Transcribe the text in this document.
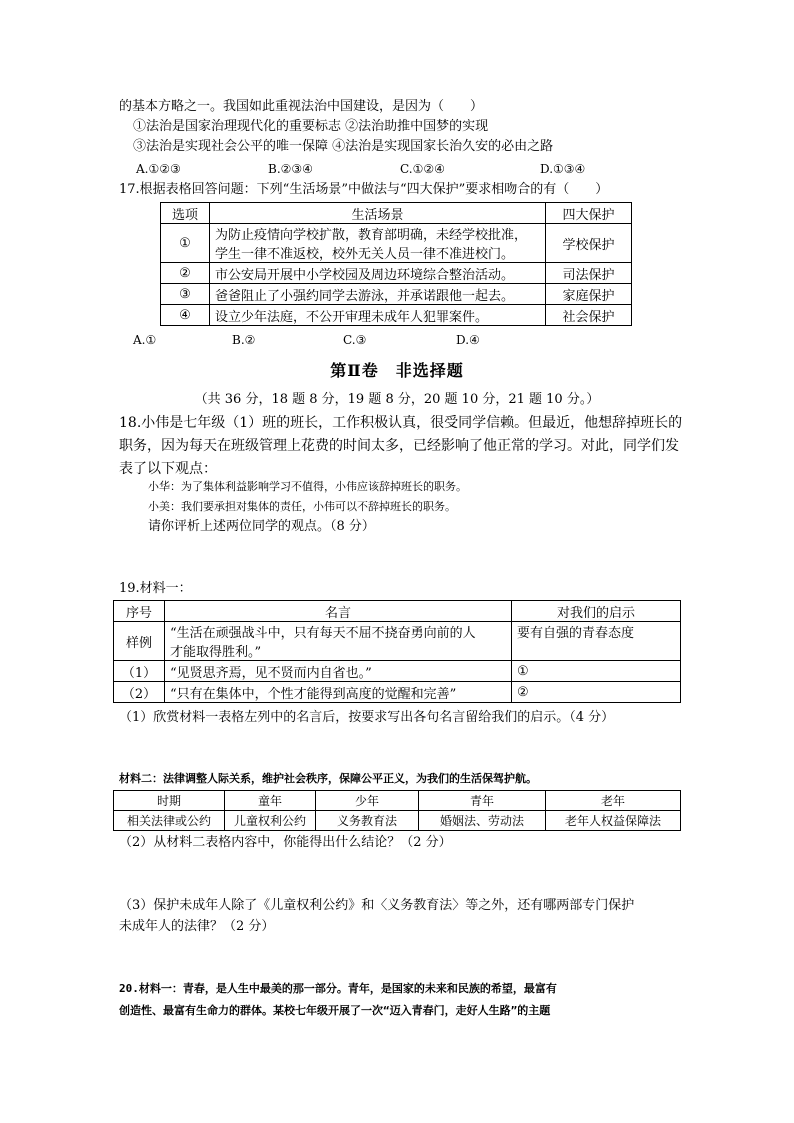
的基本方略之一。我国如此重视法治中国建设，是因为（　　）
①法治是国家治理现代化的重要标志 ②法治助推中国梦的实现
③法治是实现社会公平的唯一保障 ④法治是实现国家长治久安的必由之路
A.①②③	B.②③④	C.①②④	D.①③④
17.根据表格回答问题：下列“生活场景”中做法与“四大保护”要求相吻合的有（　　）
选项	生活场景	四大保护
①	为防止疫情向学校扩散，教育部明确，未经学校批准，
学生一律不准返校，校外无关人员一律不准进校门。	学校保护
②	市公安局开展中小学校园及周边环境综合整治活动。	司法保护
③	爸爸阻止了小强约同学去游泳，并承诺跟他一起去。	家庭保护
④	设立少年法庭，不公开审理未成年人犯罪案件。	社会保护
A.①	B.②	C.③	D.④
第Ⅱ卷　非选择题
（共 36 分，18 题 8 分，19 题 8 分，20 题 10 分，21 题 10 分。）
18.小伟是七年级（1）班的班长，工作积极认真，很受同学信赖。但最近，他想辞掉班长的
职务，因为每天在班级管理上花费的时间太多，已经影响了他正常的学习。对此，同学们发
表了以下观点：
小华：为了集体利益影响学习不值得，小伟应该辞掉班长的职务。
小美：我们要承担对集体的责任，小伟可以不辞掉班长的职务。
请你评析上述两位同学的观点。（8 分）
19.材料一：
序号	名言	对我们的启示
样例	“生活在顽强战斗中，只有每天不屈不挠奋勇向前的人
才能取得胜利。”	要有自强的青春态度
（1）	“见贤思齐焉，见不贤而内自省也。”	①
（2）	“只有在集体中，个性才能得到高度的觉醒和完善”	②
（1）欣赏材料一表格左列中的名言后，按要求写出各句名言留给我们的启示。（4 分）
材料二：法律调整人际关系，维护社会秩序，保障公平正义，为我们的生活保驾护航。
时期	童年	少年	青年	老年
相关法律或公约	儿童权利公约	义务教育法	婚姻法、劳动法	老年人权益保障法
（2）从材料二表格内容中，你能得出什么结论？（2 分）
（3）保护未成年人除了《儿童权利公约》和〈义务教育法〉等之外，还有哪两部专门保护
未成年人的法律？（2 分）
20.材料一：青春，是人生中最美的那一部分。青年，是国家的未来和民族的希望，最富有
创造性、最富有生命力的群体。某校七年级开展了一次“迈入青春门，走好人生路”的主题
